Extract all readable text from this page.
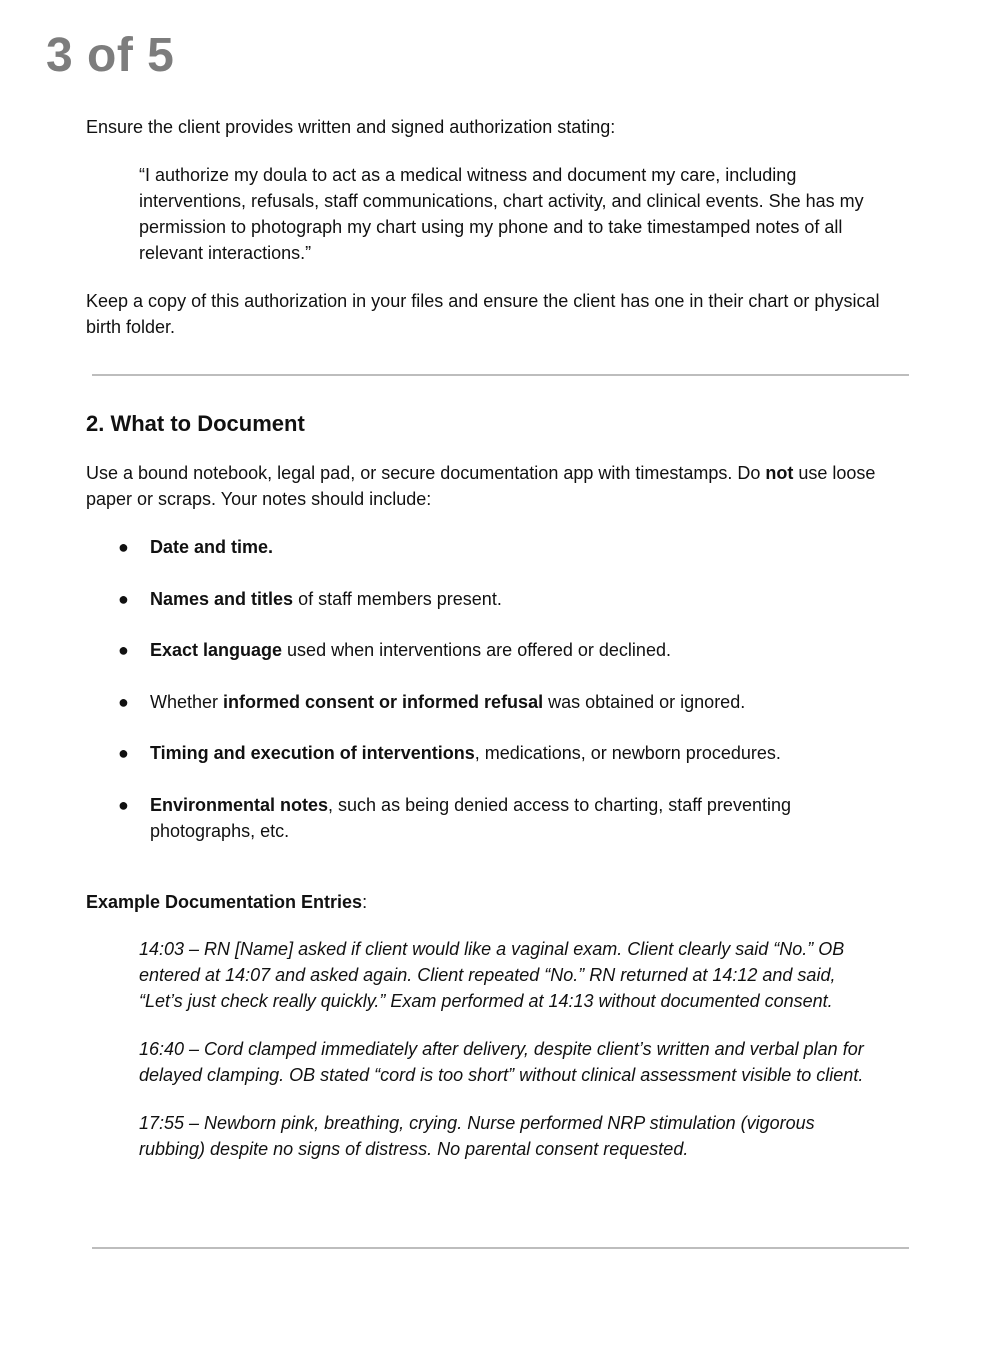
3 of 5

Ensure the client provides written and signed authorization stating:

“I authorize my doula to act as a medical witness and document my care, including interventions, refusals, staff communications, chart activity, and clinical events. She has my permission to photograph my chart using my phone and to take timestamped notes of all relevant interactions.”

Keep a copy of this authorization in your files and ensure the client has one in their chart or physical birth folder.

2. What to Document

Use a bound notebook, legal pad, or secure documentation app with timestamps. Do not use loose paper or scraps. Your notes should include:

● Date and time.
● Names and titles of staff members present.
● Exact language used when interventions are offered or declined.
● Whether informed consent or informed refusal was obtained or ignored.
● Timing and execution of interventions, medications, or newborn procedures.
● Environmental notes, such as being denied access to charting, staff preventing photographs, etc.

Example Documentation Entries:

14:03 – RN [Name] asked if client would like a vaginal exam. Client clearly said “No.” OB entered at 14:07 and asked again. Client repeated “No.” RN returned at 14:12 and said, “Let’s just check really quickly.” Exam performed at 14:13 without documented consent.

16:40 – Cord clamped immediately after delivery, despite client’s written and verbal plan for delayed clamping. OB stated “cord is too short” without clinical assessment visible to client.

17:55 – Newborn pink, breathing, crying. Nurse performed NRP stimulation (vigorous rubbing) despite no signs of distress. No parental consent requested.
